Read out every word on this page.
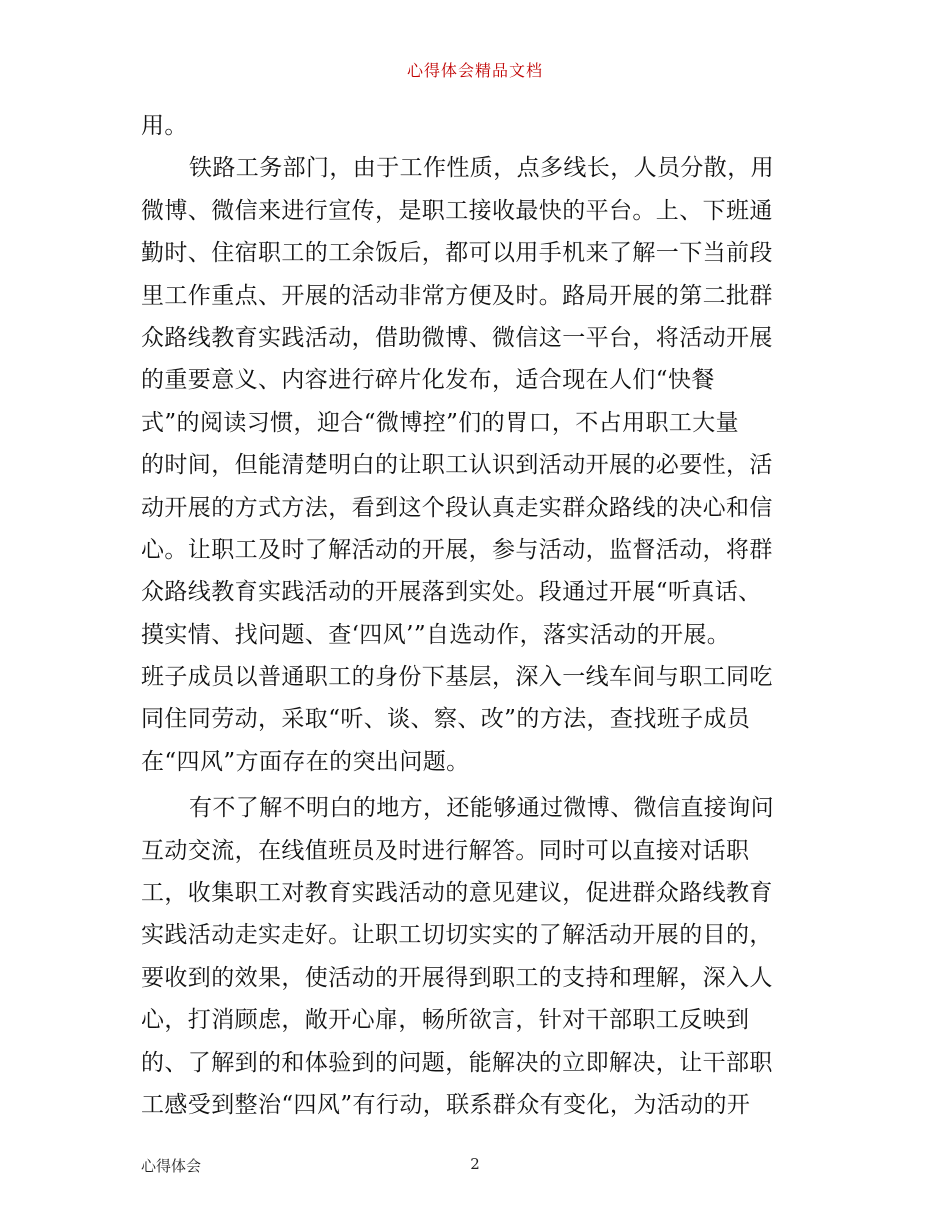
心得体会精品文档
用。
铁路工务部门，由于工作性质，点多线长，人员分散，用
微博、微信来进行宣传，是职工接收最快的平台。上、下班通
勤时、住宿职工的工余饭后，都可以用手机来了解一下当前段
里工作重点、开展的活动非常方便及时。路局开展的第二批群
众路线教育实践活动，借助微博、微信这一平台，将活动开展
的重要意义、内容进行碎片化发布，适合现在人们“快餐
式”的阅读习惯，迎合“微博控”们的胃口，不占用职工大量
的时间，但能清楚明白的让职工认识到活动开展的必要性，活
动开展的方式方法，看到这个段认真走实群众路线的决心和信
心。让职工及时了解活动的开展，参与活动，监督活动，将群
众路线教育实践活动的开展落到实处。段通过开展“听真话、
摸实情、找问题、查‘四风’”自选动作，落实活动的开展。
班子成员以普通职工的身份下基层，深入一线车间与职工同吃
同住同劳动，采取“听、谈、察、改”的方法，查找班子成员
在“四风”方面存在的突出问题。
有不了解不明白的地方，还能够通过微博、微信直接询问
互动交流，在线值班员及时进行解答。同时可以直接对话职
工，收集职工对教育实践活动的意见建议，促进群众路线教育
实践活动走实走好。让职工切切实实的了解活动开展的目的，
要收到的效果，使活动的开展得到职工的支持和理解，深入人
心，打消顾虑，敞开心扉，畅所欲言，针对干部职工反映到
的、了解到的和体验到的问题，能解决的立即解决，让干部职
工感受到整治“四风”有行动，联系群众有变化，为活动的开
心得体会	2
